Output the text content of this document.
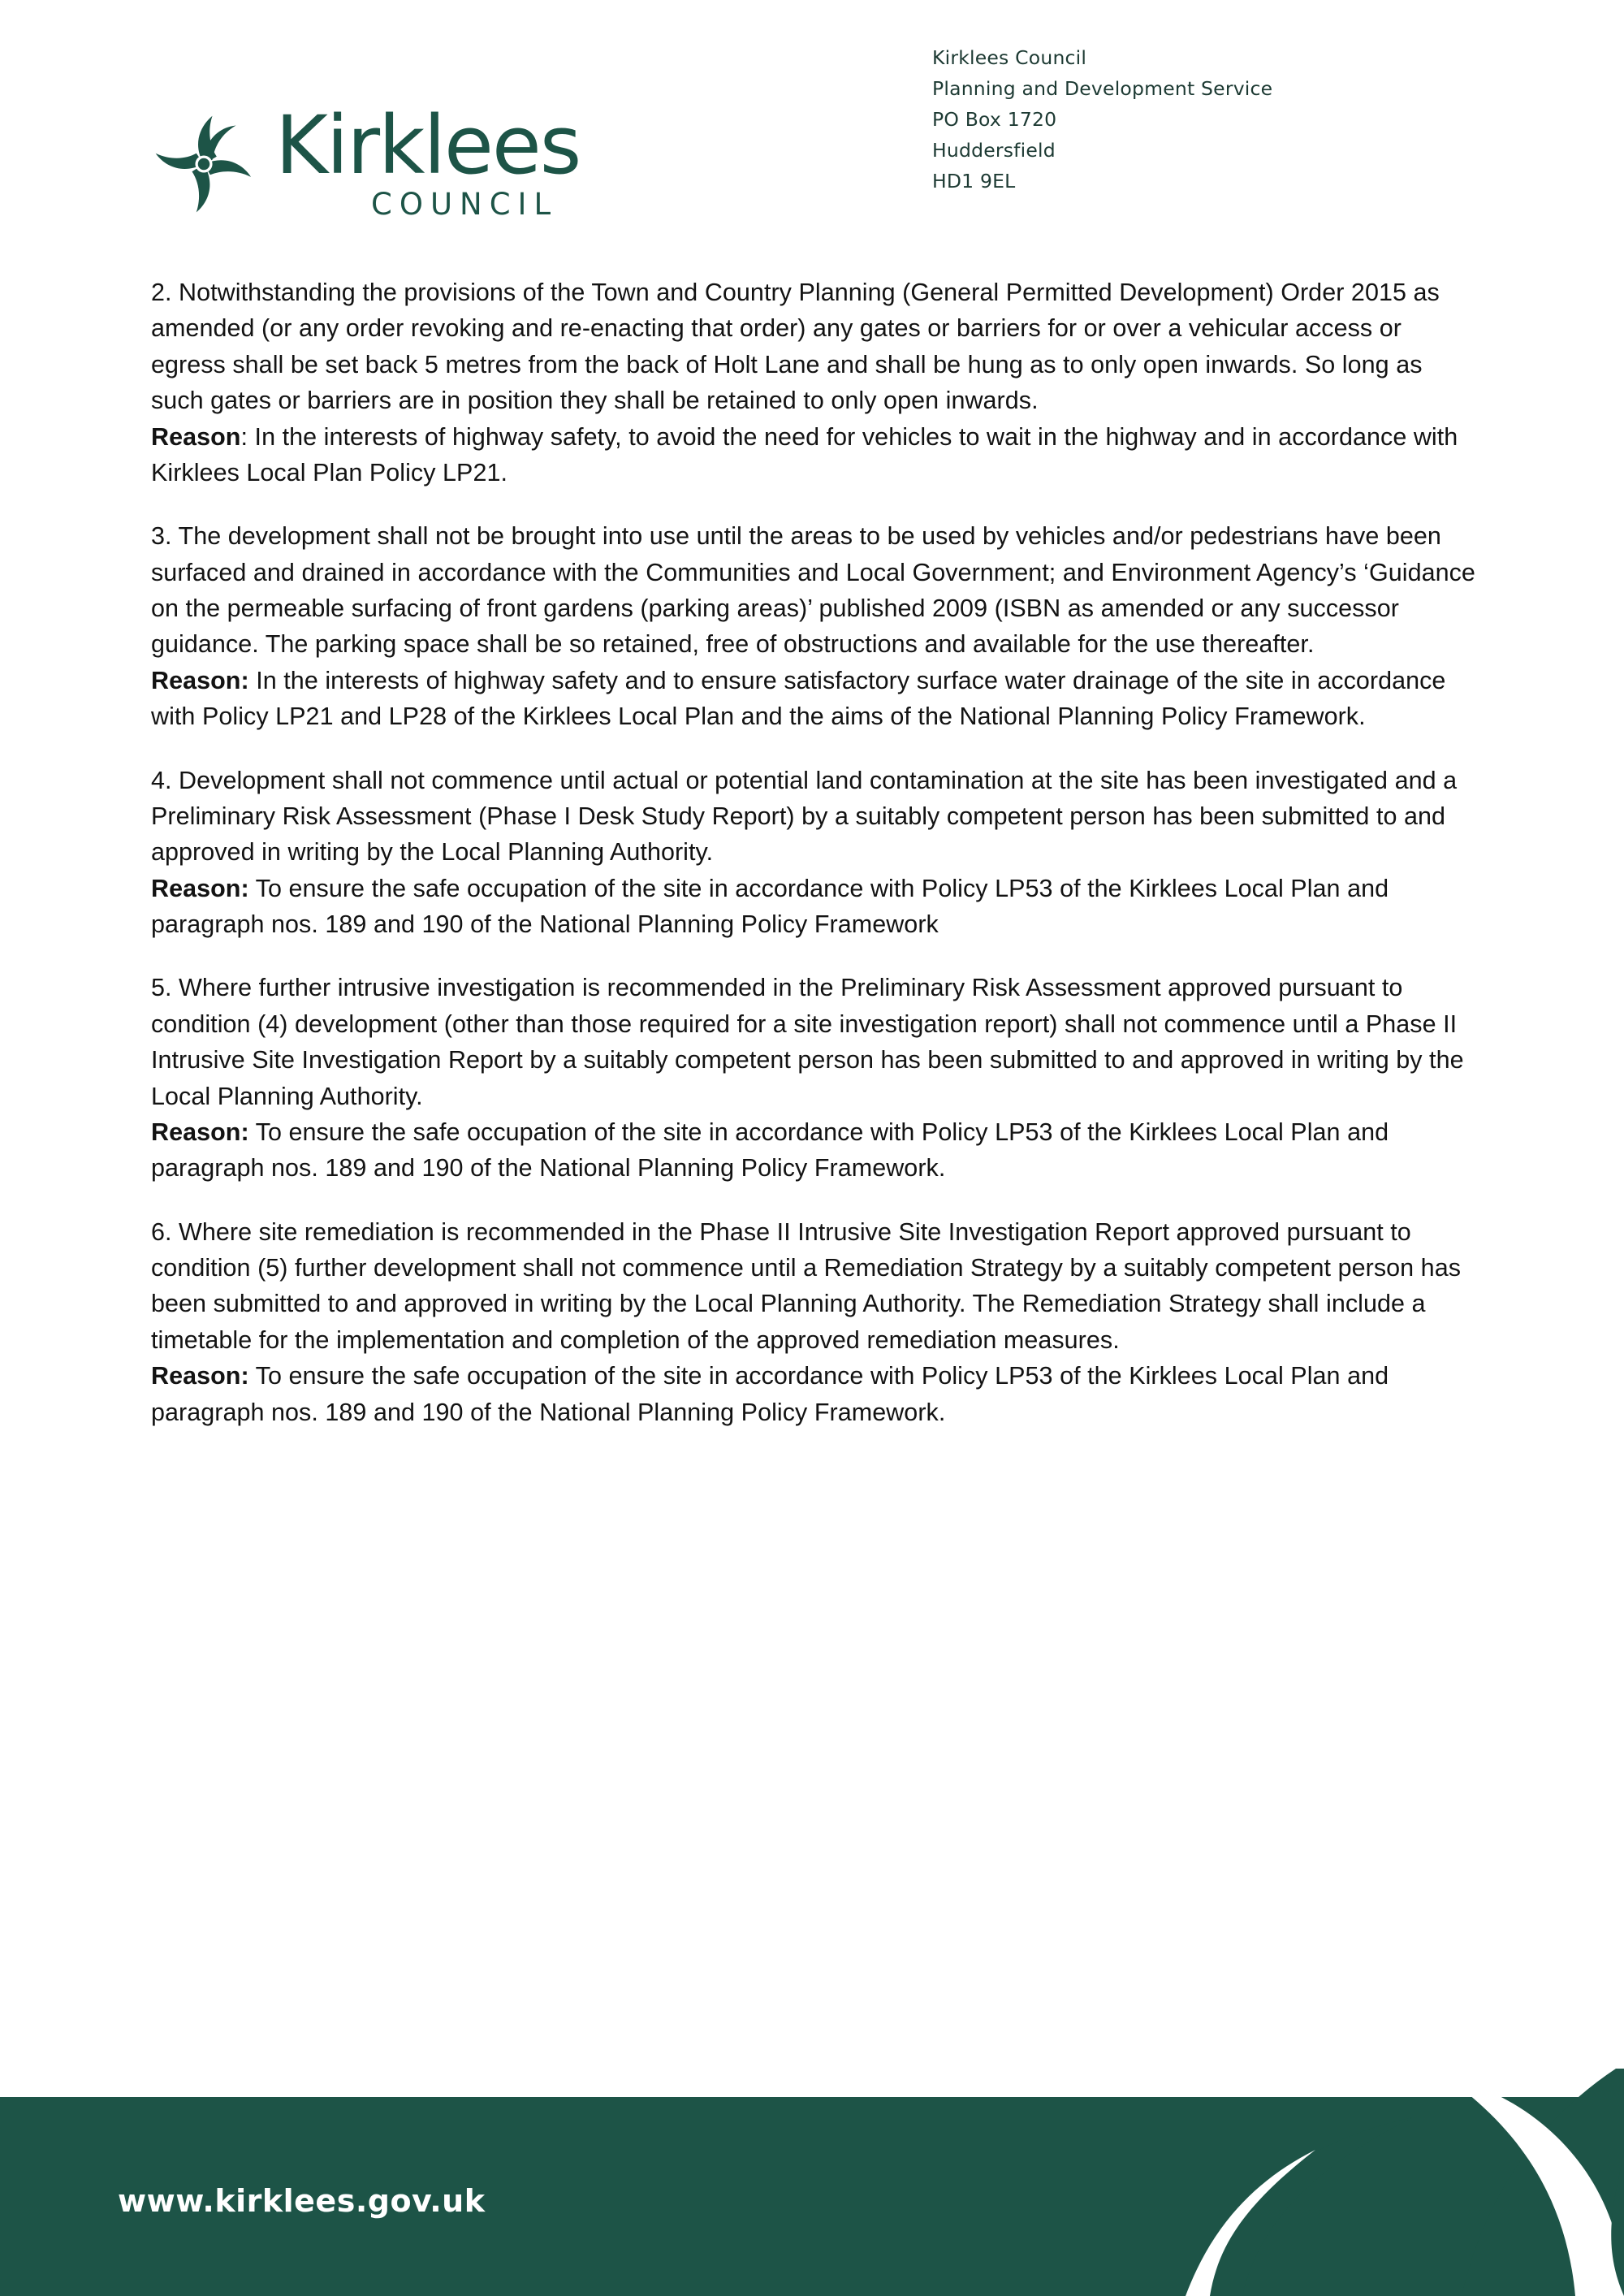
Kirklees
COUNCIL
Kirklees Council
Planning and Development Service
PO Box 1720
Huddersfield
HD1 9EL

2. Notwithstanding the provisions of the Town and Country Planning (General Permitted Development) Order 2015 as amended (or any order revoking and re-enacting that order) any gates or barriers for or over a vehicular access or egress shall be set back 5 metres from the back of Holt Lane and shall be hung as to only open inwards. So long as such gates or barriers are in position they shall be retained to only open inwards.
Reason: In the interests of highway safety, to avoid the need for vehicles to wait in the highway and in accordance with Kirklees Local Plan Policy LP21.

3. The development shall not be brought into use until the areas to be used by vehicles and/or pedestrians have been surfaced and drained in accordance with the Communities and Local Government; and Environment Agency’s ‘Guidance on the permeable surfacing of front gardens (parking areas)’ published 2009 (ISBN as amended or any successor guidance. The parking space shall be so retained, free of obstructions and available for the use thereafter.
Reason: In the interests of highway safety and to ensure satisfactory surface water drainage of the site in accordance with Policy LP21 and LP28 of the Kirklees Local Plan and the aims of the National Planning Policy Framework.

4. Development shall not commence until actual or potential land contamination at the site has been investigated and a Preliminary Risk Assessment (Phase I Desk Study Report) by a suitably competent person has been submitted to and approved in writing by the Local Planning Authority.
Reason: To ensure the safe occupation of the site in accordance with Policy LP53 of the Kirklees Local Plan and paragraph nos. 189 and 190 of the National Planning Policy Framework

5. Where further intrusive investigation is recommended in the Preliminary Risk Assessment approved pursuant to condition (4) development (other than those required for a site investigation report) shall not commence until a Phase II Intrusive Site Investigation Report by a suitably competent person has been submitted to and approved in writing by the Local Planning Authority.
Reason: To ensure the safe occupation of the site in accordance with Policy LP53 of the Kirklees Local Plan and paragraph nos. 189 and 190 of the National Planning Policy Framework.

6. Where site remediation is recommended in the Phase II Intrusive Site Investigation Report approved pursuant to condition (5) further development shall not commence until a Remediation Strategy by a suitably competent person has been submitted to and approved in writing by the Local Planning Authority. The Remediation Strategy shall include a timetable for the implementation and completion of the approved remediation measures.
Reason: To ensure the safe occupation of the site in accordance with Policy LP53 of the Kirklees Local Plan and paragraph nos. 189 and 190 of the National Planning Policy Framework.

www.kirklees.gov.uk
